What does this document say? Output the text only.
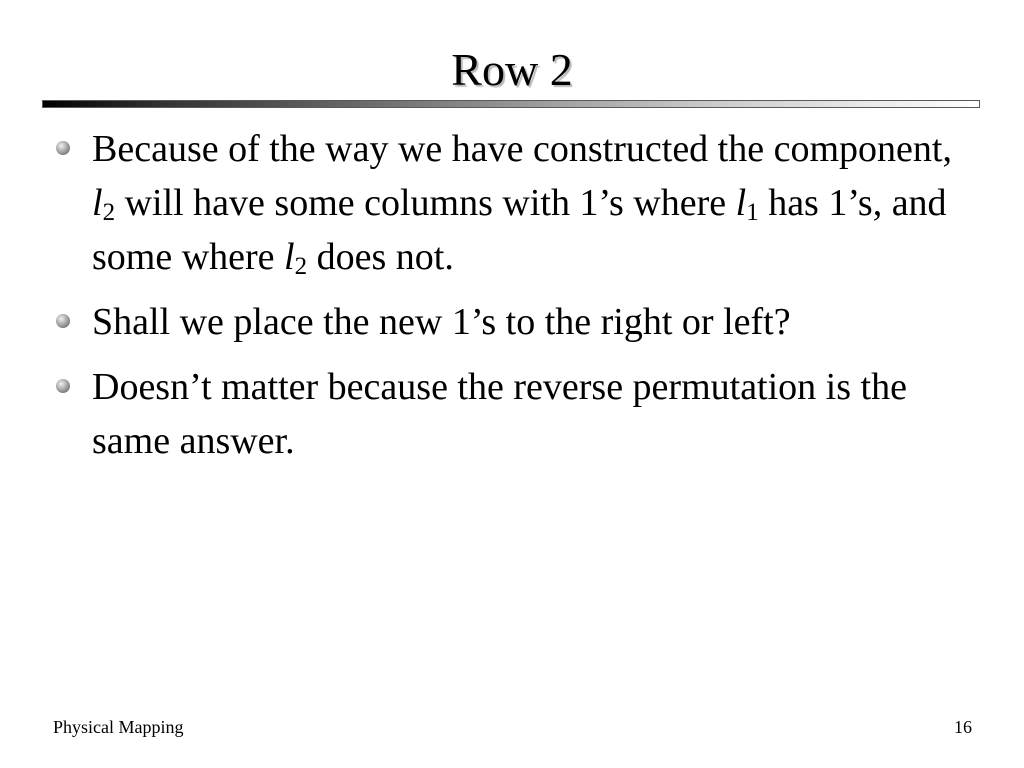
Row 2
Because of the way we have constructed the component, $l_2$ will have some columns with 1’s where $l_1$ has 1’s, and some where $l_2$ does not.
Shall we place the new 1’s to the right or left?
Doesn’t matter because the reverse permutation is the same answer.
Physical Mapping	16
